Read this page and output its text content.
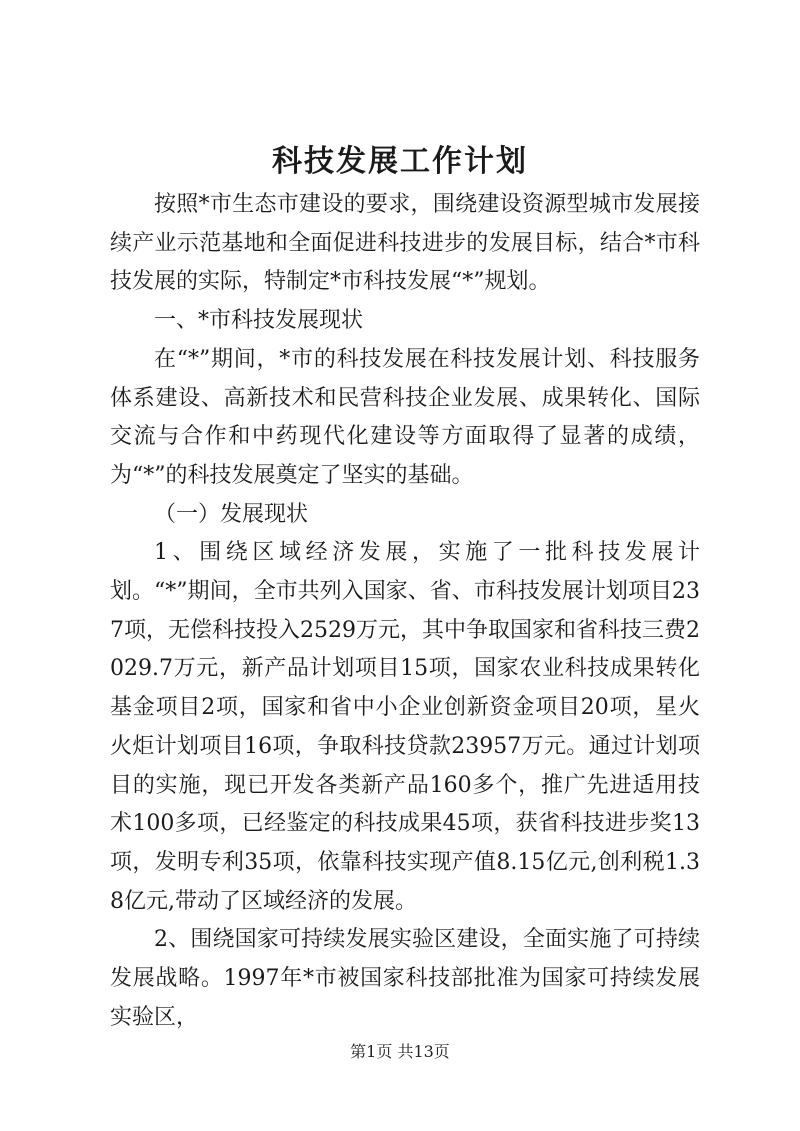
科技发展工作计划

按照*市生态市建设的要求，围绕建设资源型城市发展接续产业示范基地和全面促进科技进步的发展目标，结合*市科技发展的实际，特制定*市科技发展“*”规划。

一、*市科技发展现状

在“*”期间，*市的科技发展在科技发展计划、科技服务体系建设、高新技术和民营科技企业发展、成果转化、国际交流与合作和中药现代化建设等方面取得了显著的成绩，为“*”的科技发展奠定了坚实的基础。

（一）发展现状

1、围绕区域经济发展，实施了一批科技发展计划。“*”期间，全市共列入国家、省、市科技发展计划项目237项，无偿科技投入2529万元，其中争取国家和省科技三费2029.7万元，新产品计划项目15项，国家农业科技成果转化基金项目2项，国家和省中小企业创新资金项目20项，星火火炬计划项目16项，争取科技贷款23957万元。通过计划项目的实施，现已开发各类新产品160多个，推广先进适用技术100多项，已经鉴定的科技成果45项，获省科技进步奖13项，发明专利35项，依靠科技实现产值8.15亿元,创利税1.38亿元,带动了区域经济的发展。

2、围绕国家可持续发展实验区建设，全面实施了可持续发展战略。1997年*市被国家科技部批准为国家可持续发展实验区，

第1页 共13页
